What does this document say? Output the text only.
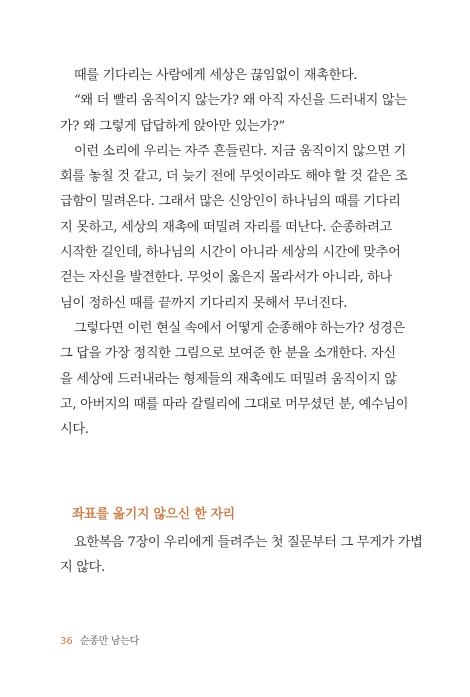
때를 기다리는 사람에게 세상은 끊임없이 재촉한다.
“왜 더 빨리 움직이지 않는가? 왜 아직 자신을 드러내지 않는
가? 왜 그렇게 답답하게 앉아만 있는가?”
이런 소리에 우리는 자주 흔들린다. 지금 움직이지 않으면 기
회를 놓칠 것 같고, 더 늦기 전에 무엇이라도 해야 할 것 같은 조
급함이 밀려온다. 그래서 많은 신앙인이 하나님의 때를 기다리
지 못하고, 세상의 재촉에 떠밀려 자리를 떠난다. 순종하려고
시작한 길인데, 하나님의 시간이 아니라 세상의 시간에 맞추어
걷는 자신을 발견한다. 무엇이 옳은지 몰라서가 아니라, 하나
님이 정하신 때를 끝까지 기다리지 못해서 무너진다.
그렇다면 이런 현실 속에서 어떻게 순종해야 하는가? 성경은
그 답을 가장 정직한 그림으로 보여준 한 분을 소개한다. 자신
을 세상에 드러내라는 형제들의 재촉에도 떠밀려 움직이지 않
고, 아버지의 때를 따라 갈릴리에 그대로 머무셨던 분, 예수님이
시다.
좌표를 옮기지 않으신 한 자리
요한복음 7장이 우리에게 들려주는 첫 질문부터 그 무게가 가볍
지 않다.
36 순종만 남는다
